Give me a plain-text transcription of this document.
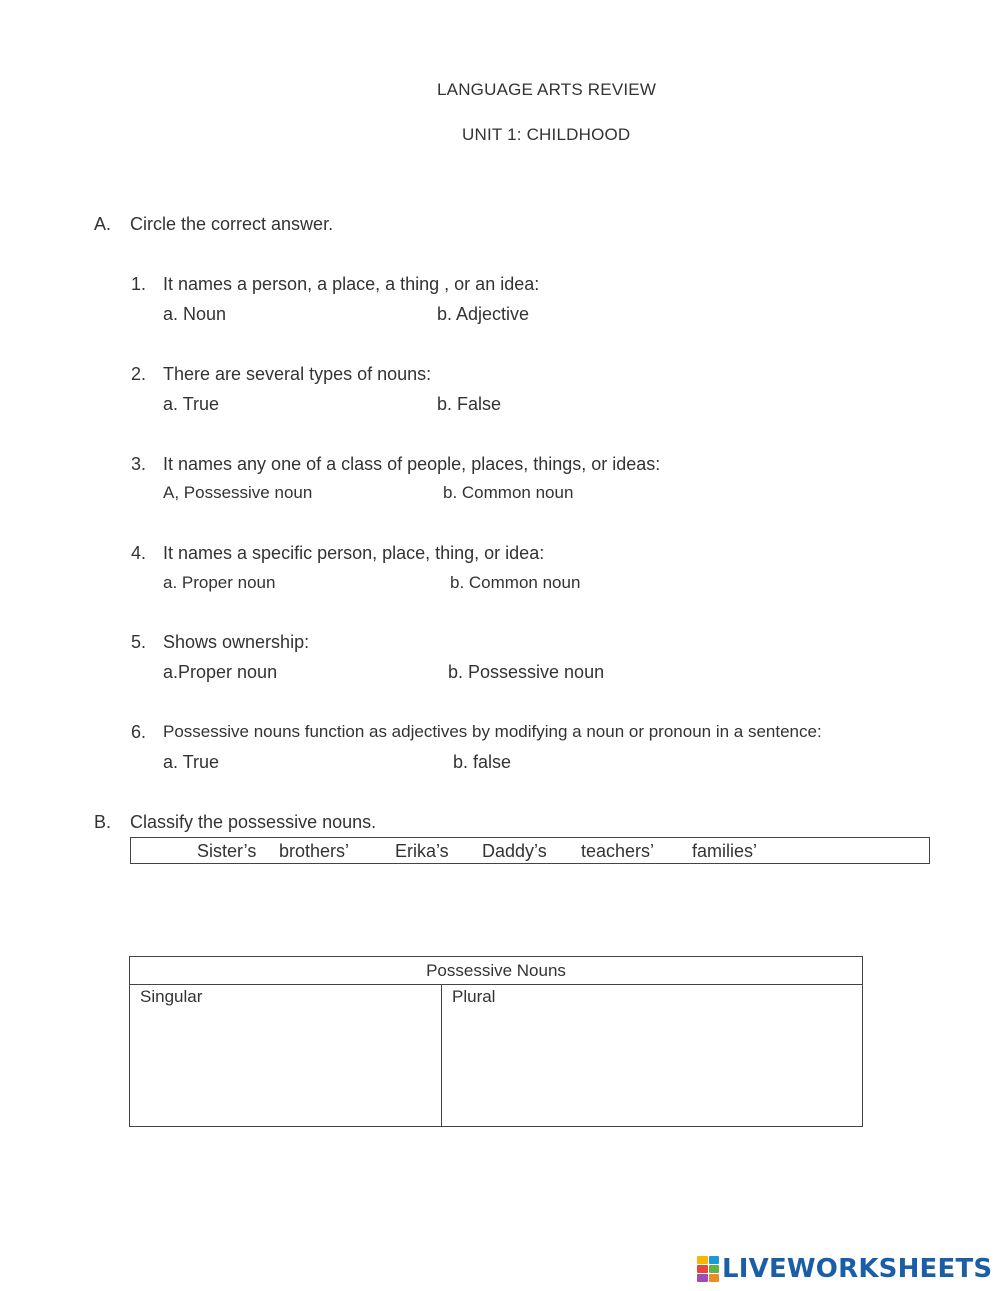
LANGUAGE ARTS REVIEW
UNIT 1: CHILDHOOD
A. Circle the correct answer.
1. It names a person, a place, a thing , or an idea:
a. Noun	b. Adjective
2. There are several types of nouns:
a. True	b. False
3. It names any one of a class of people, places, things, or ideas:
A, Possessive noun	b. Common noun
4. It names a specific person, place, thing, or idea:
a. Proper noun	b. Common noun
5. Shows ownership:
a.Proper noun	b. Possessive noun
6. Possessive nouns function as adjectives by modifying a noun or pronoun in a sentence:
a. True	b. false
B. Classify the possessive nouns.
Sister’s brothers’	Erika’s Daddy’s teachers’ families’
Possessive Nouns
Singular	Plural
LIVEWORKSHEETS
